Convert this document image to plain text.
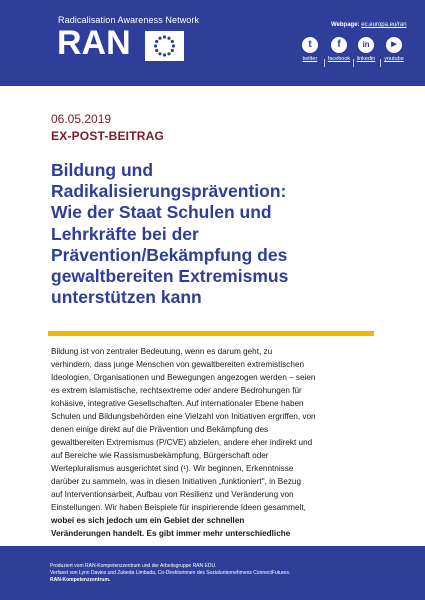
Radicalisation Awareness Network
RAN	Webpage: ec.europa.eu/ran
t
twitter
f
facebook
in
linkedin
▶
youtube
06.05.2019
EX-POST-BEITRAG
Bildung und
Radikalisierungsprävention:
Wie der Staat Schulen und
Lehrkräfte bei der
Prävention/Bekämpfung des
gewaltbereiten Extremismus
unterstützen kann

Bildung ist von zentraler Bedeutung, wenn es darum geht, zu
verhindern, dass junge Menschen von gewaltbereiten extremistischen
Ideologien, Organisationen und Bewegungen angezogen werden – seien
es extrem islamistische, rechtsextreme oder andere Bedrohungen für
kohäsive, integrative Gesellschaften. Auf internationaler Ebene haben
Schulen und Bildungsbehörden eine Vielzahl von Initiativen ergriffen, von
denen einige direkt auf die Prävention und Bekämpfung des
gewaltbereiten Extremismus (P/CVE) abzielen, andere eher indirekt und
auf Bereiche wie Rassismusbekämpfung, Bürgerschaft oder
Wertepluralismus ausgerichtet sind (¹). Wir beginnen, Erkenntnisse
darüber zu sammeln, was in diesen Initiativen „funktioniert", in Bezug
auf Interventionsarbeit, Aufbau von Resilienz und Veränderung von
Einstellungen. Wir haben Beispiele für inspirierende Ideen gesammelt,
wobei es sich jedoch um ein Gebiet der schnellen
Veränderungen handelt. Es gibt immer mehr unterschiedliche

Produziert vom RAN-Kompetenzzentrum und der Arbeitsgruppe RAN EDU.

Verfasst von Lynn Davies und Zubeda Limbada, Co-Direktorinnen des Sozialunternehmens ConnectFutures.

RAN-Kompetenzzentrum.
